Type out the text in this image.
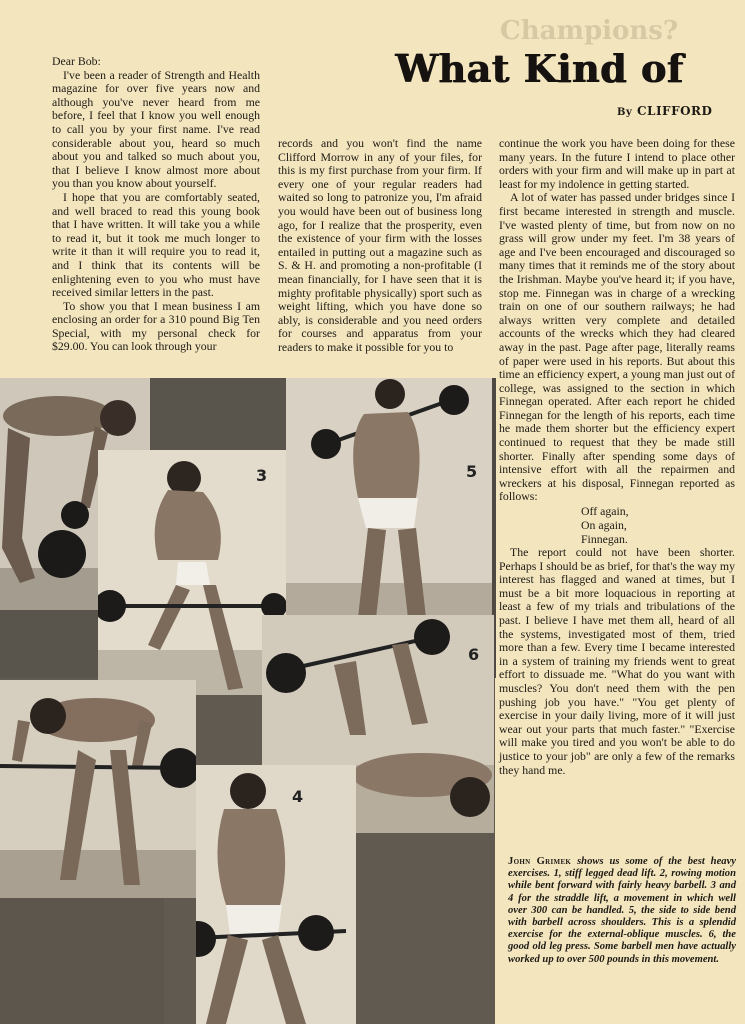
Champions?
What Kind of
By CLIFFORD

Dear Bob:

I've been a reader of Strength and Health magazine for over five years now and although you've never heard from me before, I feel that I know you well enough to call you by your first name. I've read considerable about you, heard so much about you and talked so much about you, that I believe I know almost more about you than you know about yourself.

I hope that you are comfortably seated, and well braced to read this young book that I have written. It will take you a while to read it, but it took me much longer to write it than it will require you to read it, and I think that its contents will be enlightening even to you who must have received similar letters in the past.

To show you that I mean business I am enclosing an order for a 310 pound Big Ten Special, with my personal check for $29.00. You can look through your

records and you won't find the name Clifford Morrow in any of your files, for this is my first purchase from your firm. If every one of your regular readers had waited so long to patronize you, I'm afraid you would have been out of business long ago, for I realize that the prosperity, even the existence of your firm with the losses entailed in putting out a magazine such as S. & H. and promoting a non-profitable (I mean financially, for I have seen that it is mighty profitable physically) sport such as weight lifting, which you have done so ably, is considerable and you need orders for courses and apparatus from your readers to make it possible for you to

continue the work you have been doing for these many years. In the future I intend to place other orders with your firm and will make up in part at least for my indolence in getting started.

A lot of water has passed under bridges since I first became interested in strength and muscle. I've wasted plenty of time, but from now on no grass will grow under my feet. I'm 38 years of age and I've been encouraged and discouraged so many times that it reminds me of the story about the Irishman. Maybe you've heard it; if you have, stop me. Finnegan was in charge of a wrecking train on one of our southern railways; he had always written very complete and detailed accounts of the wrecks which they had cleared away in the past. Page after page, literally reams of paper were used in his reports. But about this time an efficiency expert, a young man just out of college, was assigned to the section in which Finnegan operated. After each report he chided Finnegan for the length of his reports, each time he made them shorter but the efficiency expert continued to request that they be made still shorter. Finally after spending some days of intensive effort with all the repairmen and wreckers at his disposal, Finnegan reported as follows:

Off again,

On again,

Finnegan.

The report could not have been shorter. Perhaps I should be as brief, for that's the way my interest has flagged and waned at times, but I must be a bit more loquacious in reporting at least a few of my trials and tribulations of the past. I believe I have met them all, heard of all the systems, investigated most of them, tried more than a few. Every time I became interested in a system of training my friends went to great effort to dissuade me. "What do you want with muscles? You don't need them with the pen pushing job you have." "You get plenty of exercise in your daily living, more of it will just wear out your parts that much faster." "Exercise will make you tired and you won't be able to do justice to your job" are only a few of the remarks they hand me.

John Grimek shows us some of the best heavy exercises. 1, stiff legged dead lift. 2, rowing motion while bent forward with fairly heavy barbell. 3 and 4 for the straddle lift, a movement in which well over 300 can be handled. 5, the side to side bend with barbell across shoulders. This is a splendid exercise for the external-oblique muscles. 6, the good old leg press. Some barbell men have actually worked up to over 500 pounds in this movement.
3	5
6
4
